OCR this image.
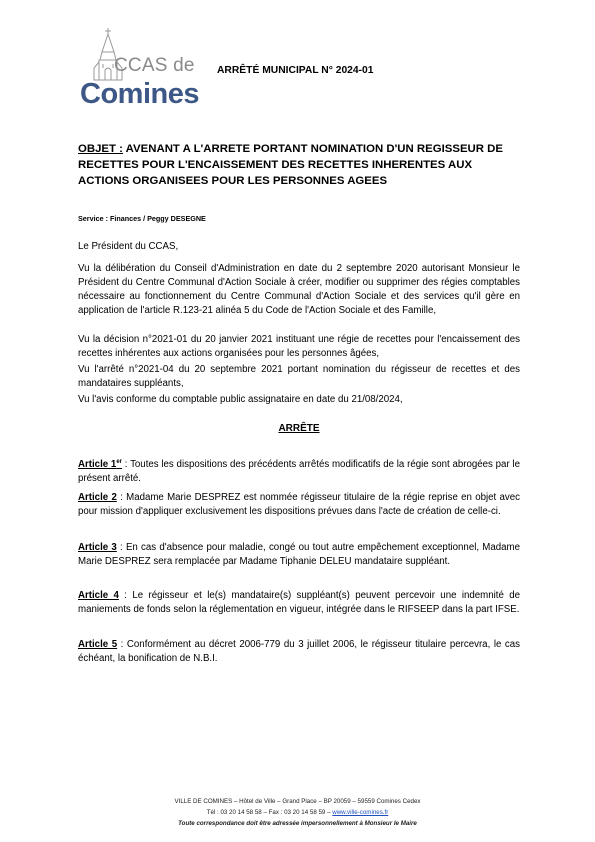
CCAS de
Comines
ARRÊTÉ MUNICIPAL N° 2024-01
OBJET : AVENANT A L'ARRETE PORTANT NOMINATION D'UN REGISSEUR DE RECETTES POUR L'ENCAISSEMENT DES RECETTES INHERENTES AUX ACTIONS ORGANISEES POUR LES PERSONNES AGEES
Service : Finances / Peggy DESEGNE
Le Président du CCAS,
Vu la délibération du Conseil d'Administration en date du 2 septembre 2020 autorisant Monsieur le Président du Centre Communal d'Action Sociale à créer, modifier ou supprimer des régies comptables nécessaire au fonctionnement du Centre Communal d'Action Sociale et des services qu'il gère en application de l'article R.123-21 alinéa 5 du Code de l'Action Sociale et des Famille,
Vu la décision n°2021-01 du 20 janvier 2021 instituant une régie de recettes pour l'encaissement des recettes inhérentes aux actions organisées pour les personnes âgées,
Vu l'arrêté n°2021-04 du 20 septembre 2021 portant nomination du régisseur de recettes et des mandataires suppléants,
Vu l'avis conforme du comptable public assignataire en date du 21/08/2024,
ARRÊTE
Article 1er : Toutes les dispositions des précédents arrêtés modificatifs de la régie sont abrogées par le présent arrêté.
Article 2 : Madame Marie DESPREZ est nommée régisseur titulaire de la régie reprise en objet avec pour mission d'appliquer exclusivement les dispositions prévues dans l'acte de création de celle-ci.
Article 3 : En cas d'absence pour maladie, congé ou tout autre empêchement exceptionnel, Madame Marie DESPREZ sera remplacée par Madame Tiphanie DELEU mandataire suppléant.
Article 4 : Le régisseur et le(s) mandataire(s) suppléant(s) peuvent percevoir une indemnité de maniements de fonds selon la réglementation en vigueur, intégrée dans le RIFSEEP dans la part IFSE.
Article 5 : Conformément au décret 2006-779 du 3 juillet 2006, le régisseur titulaire percevra, le cas échéant, la bonification de N.B.I.
VILLE DE COMINES – Hôtel de Ville – Grand Place – BP 20059 – 59559 Comines Cedex
Tél : 03 20 14 58 58 – Fax : 03 20 14 58 59 – www.ville-comines.fr
Toute correspondance doit être adressée impersonnellement à Monsieur le Maire
